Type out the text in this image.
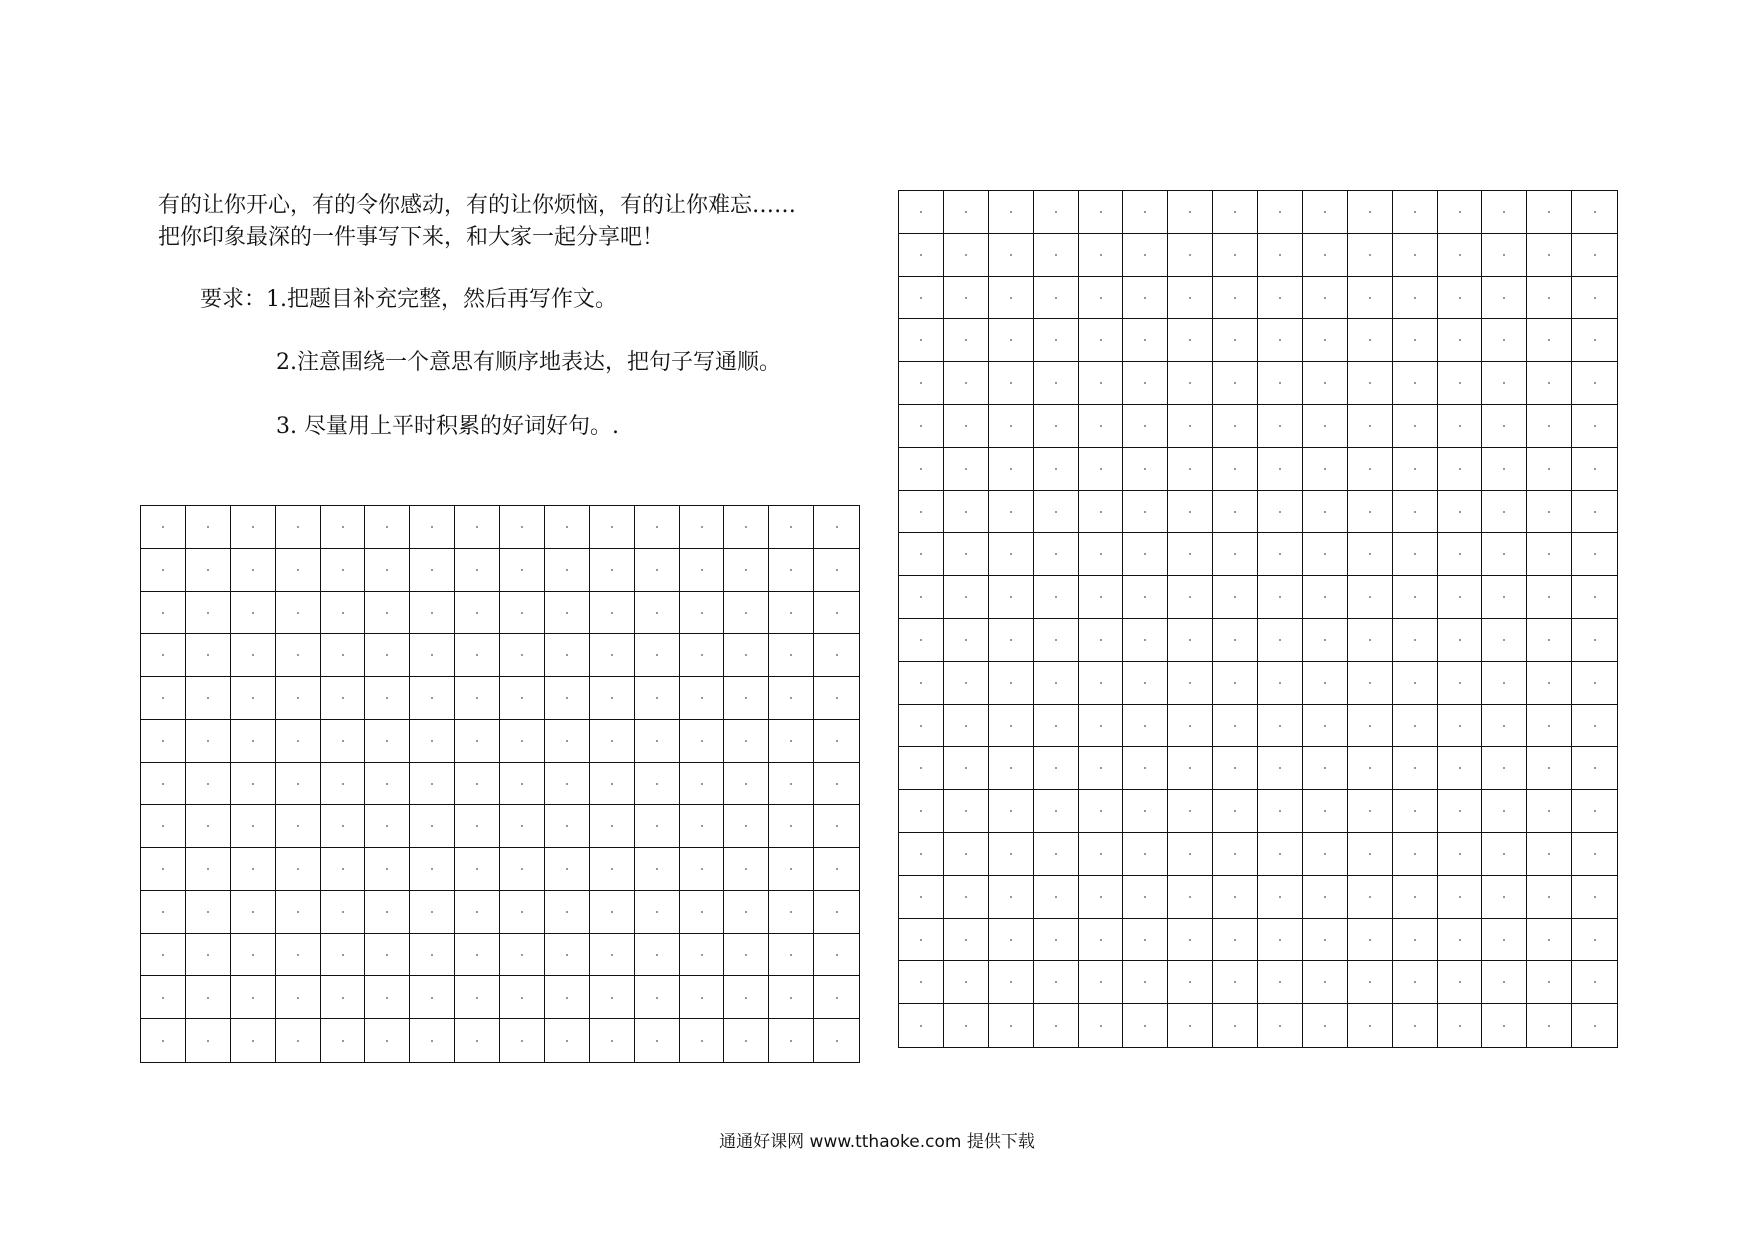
有的让你开心，有的令你感动，有的让你烦恼，有的让你难忘……
把你印象最深的一件事写下来，和大家一起分享吧！
要求：1.把题目补充完整，然后再写作文。
2.注意围绕一个意思有顺序地表达，把句子写通顺。
3. 尽量用上平时积累的好词好句。.
通通好课网 www.tthaoke.com 提供下载
